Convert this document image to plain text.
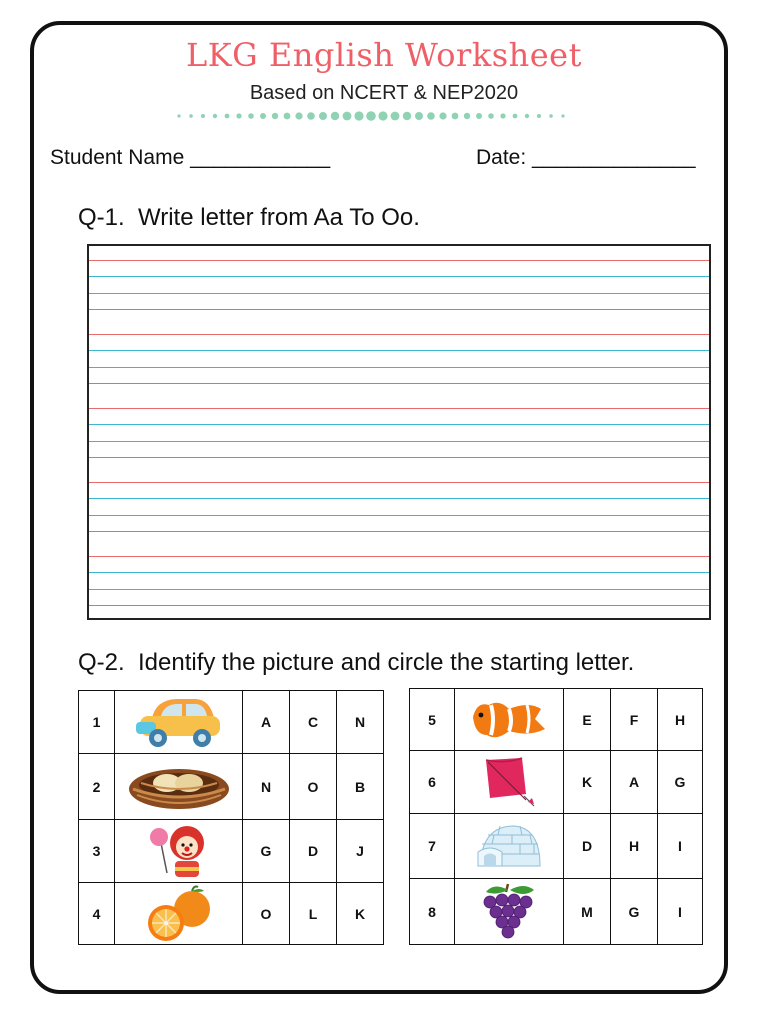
LKG English Worksheet
Based on NCERT & NEP2020
Student Name ____________	Date: ______________
Q-1.  Write letter from Aa To Oo.
Q-2.  Identify the picture and circle the starting letter.
1		A	C	N
2		N	O	B
3		G	D	J
4		O	L	K
5		E	F	H
6		K	A	G
7		D	H	I
8		M	G	I
